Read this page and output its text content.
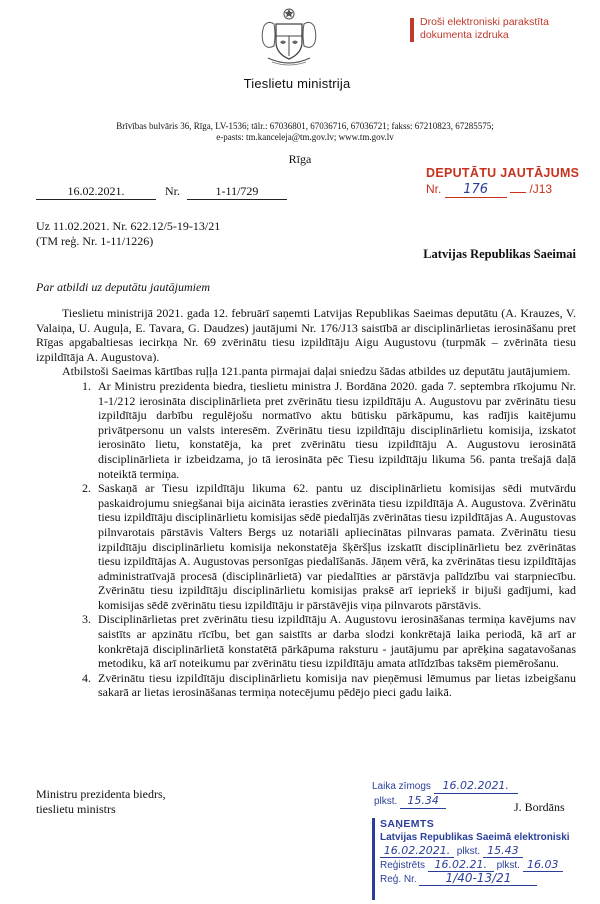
Tieslietu ministrija
Droši elektroniski parakstīta
dokumenta izdruka
Brīvības bulvāris 36, Rīga, LV-1536; tālr.: 67036801, 67036716, 67036721; fakss: 67210823, 67285575;
e-pasts: tm.kanceleja@tm.gov.lv; www.tm.gov.lv
Rīga
16.02.2021.	Nr.	1-11/729
DEPUTĀTU JAUTĀJUMS
Nr. 176	/J13
Uz 11.02.2021. Nr. 622.12/5-19-13/21
(TM reģ. Nr. 1-11/1226)
Latvijas Republikas Saeimai
Par atbildi uz deputātu jautājumiem

Tieslietu ministrijā 2021. gada 12. februārī saņemti Latvijas Republikas Saeimas deputātu (A. Krauzes, V. Valaiņa, U. Auguļa, E. Tavara, G. Daudzes) jautājumi Nr. 176/J13 saistībā ar disciplinārlietas ierosināšanu pret Rīgas apgabaltiesas iecirkņa Nr. 69 zvērinātu tiesu izpildītāju Aigu Augustovu (turpmāk – zvērināta tiesu izpildītāja A. Augustova).

Atbilstoši Saeimas kārtības ruļļa 121.panta pirmajai daļai sniedzu šādas atbildes uz deputātu jautājumiem.

1. Ar Ministru prezidenta biedra, tieslietu ministra J. Bordāna 2020. gada 7. septembra rīkojumu Nr. 1-1/212 ierosināta disciplinārlieta pret zvērinātu tiesu izpildītāju A. Augustovu par zvērinātu tiesu izpildītāju darbību regulējošu normatīvo aktu būtisku pārkāpumu, kas radījis kaitējumu privātpersonu un valsts interesēm. Zvērinātu tiesu izpildītāju disciplinārlietu komisija, izskatot ierosināto lietu, konstatēja, ka pret zvērinātu tiesu izpildītāju A. Augustovu ierosinātā disciplinārlieta ir izbeidzama, jo tā ierosināta pēc Tiesu izpildītāju likuma 56. panta trešajā daļā noteiktā termiņa.
2. Saskaņā ar Tiesu izpildītāju likuma 62. pantu uz disciplinārlietu komisijas sēdi mutvārdu paskaidrojumu sniegšanai bija aicināta ierasties zvērināta tiesu izpildītāja A. Augustova. Zvērinātu tiesu izpildītāju disciplinārlietu komisijas sēdē piedalījās zvērinātas tiesu izpildītājas A. Augustovas pilnvarotais pārstāvis Valters Bergs uz notariāli apliecinātas pilnvaras pamata. Zvērinātu tiesu izpildītāju disciplinārlietu komisija nekonstatēja šķēršļus izskatīt disciplinārlietu bez zvērinātas tiesu izpildītājas A. Augustovas personīgas piedalīšanās. Jāņem vērā, ka zvērinātas tiesu izpildītājas administratīvajā procesā (disciplinārlietā) var piedalīties ar pārstāvja palīdzību vai starpniecību. Zvērinātu tiesu izpildītāju disciplinārlietu komisijas praksē arī iepriekš ir bijuši gadījumi, kad komisijas sēdē zvērinātu tiesu izpildītāju ir pārstāvējis viņa pilnvarots pārstāvis.
3. Disciplinārlietas pret zvērinātu tiesu izpildītāju A. Augustovu ierosināšanas termiņa kavējums nav saistīts ar apzinātu rīcību, bet gan saistīts ar darba slodzi konkrētajā laika periodā, kā arī ar konkrētajā disciplinārlietā konstatētā pārkāpuma raksturu - jautājumu par aprēķina sagatavošanas metodiku, kā arī noteikumu par zvērinātu tiesu izpildītāju amata atlīdzības taksēm piemērošanu.
4. Zvērinātu tiesu izpildītāju disciplinārlietu komisija nav pieņēmusi lēmumus par lietas izbeigšanu sakarā ar lietas ierosināšanas termiņa notecējumu pēdējo pieci gadu laikā.
Ministru prezidenta biedrs,
tieslietu ministrs
Laika zīmogs 16.02.2021.
plkst. 15.34	J. Bordāns
SAŅEMTS
Latvijas Republikas Saeimā elektroniski
16.02.2021. plkst. 15.43
Reģistrēts 16.02.21. plkst. 16.03
Reģ. Nr. 1/40-13/21
